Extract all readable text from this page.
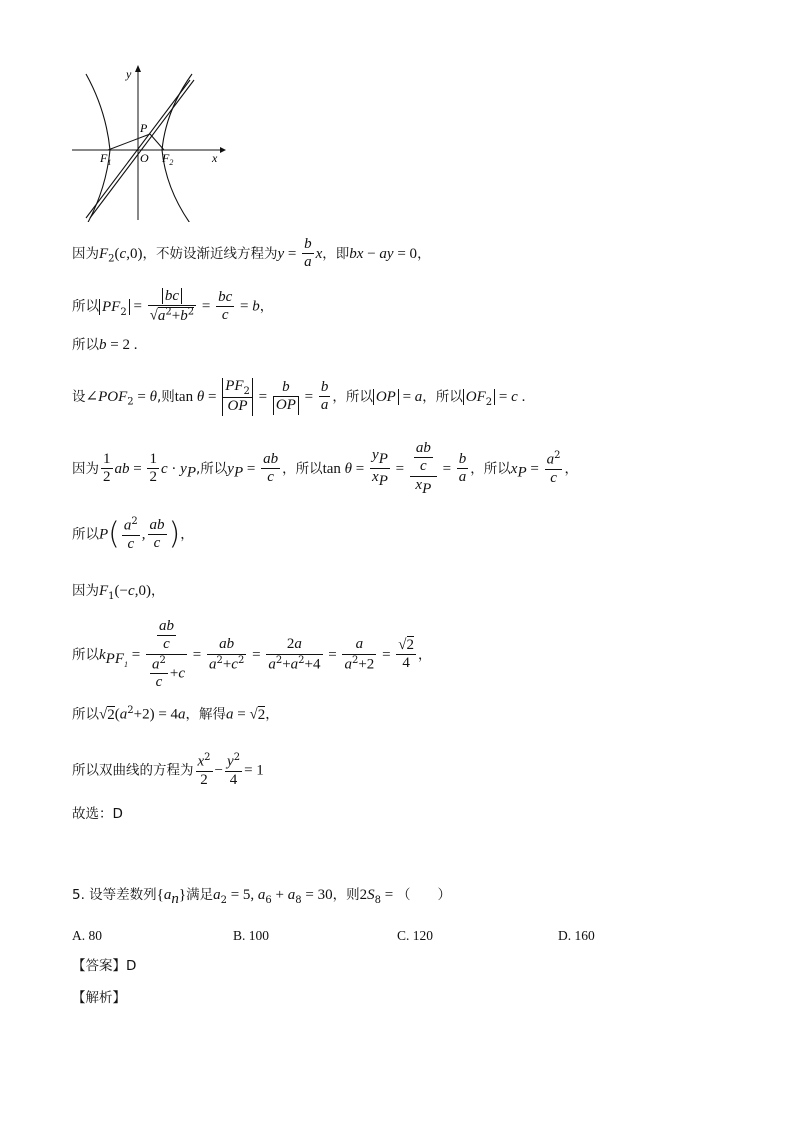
y
x
P
O
$F_1$	$F_2$
因为$F_2(c,0)$，不妨设渐近线方程为$y = \frac{b}{a}$ x，即bx − ay = 0，
所以 $PF_2 = \frac{bc}{√a^2+b^2} = \frac{bc}{c} = b$，
所以b = 2 .
设$\angle POF_2 = \theta$,则$\tan \theta = \frac{PF_2}{OP} = \frac{b}{OP} = \frac{b}{a}$ ，所以 OP = a，所以 $OF_2 = c$ .
因为 $\frac{1}{2}$ ab = $\frac{1}{2}$ $c \cdot y_P$,所以$y_P = \frac{ab}{c}$ ，所以$\tan \theta = \frac{y_P}{x_P} = \frac{\frac{ab}{c}}{x_P} = \frac{b}{a}$ ，所以$x_P = \frac{a^2}{c}$ ，
所以$P( \frac{a^2}{c}$ , $\frac{ab}{c}$ )，
因为$F_1(-c,0)$，
所以$k_{PF_1} = \frac{\frac{ab}{c}}{\frac{a^2}{c} +c} = \frac{ab}{a^2+c^2} = \frac{2a}{a^2+a^2+4} = \frac{a}{a^2+2} = \frac{√2}{4}$ ，
所以$√2(a^2+2) = 4a$，解得a = √2，
所以双曲线的方程为 $\frac{x^2}{2} - \frac{y^2}{4} = 1$
故选：D
5. 设等差数列$\{a_n\}$满足$a_2 = 5$, $a_6 + a_8 = 30$，则$2S_8$ = （　　）
A. 80	B. 100	C. 120	D. 160
【答案】D
【解析】
